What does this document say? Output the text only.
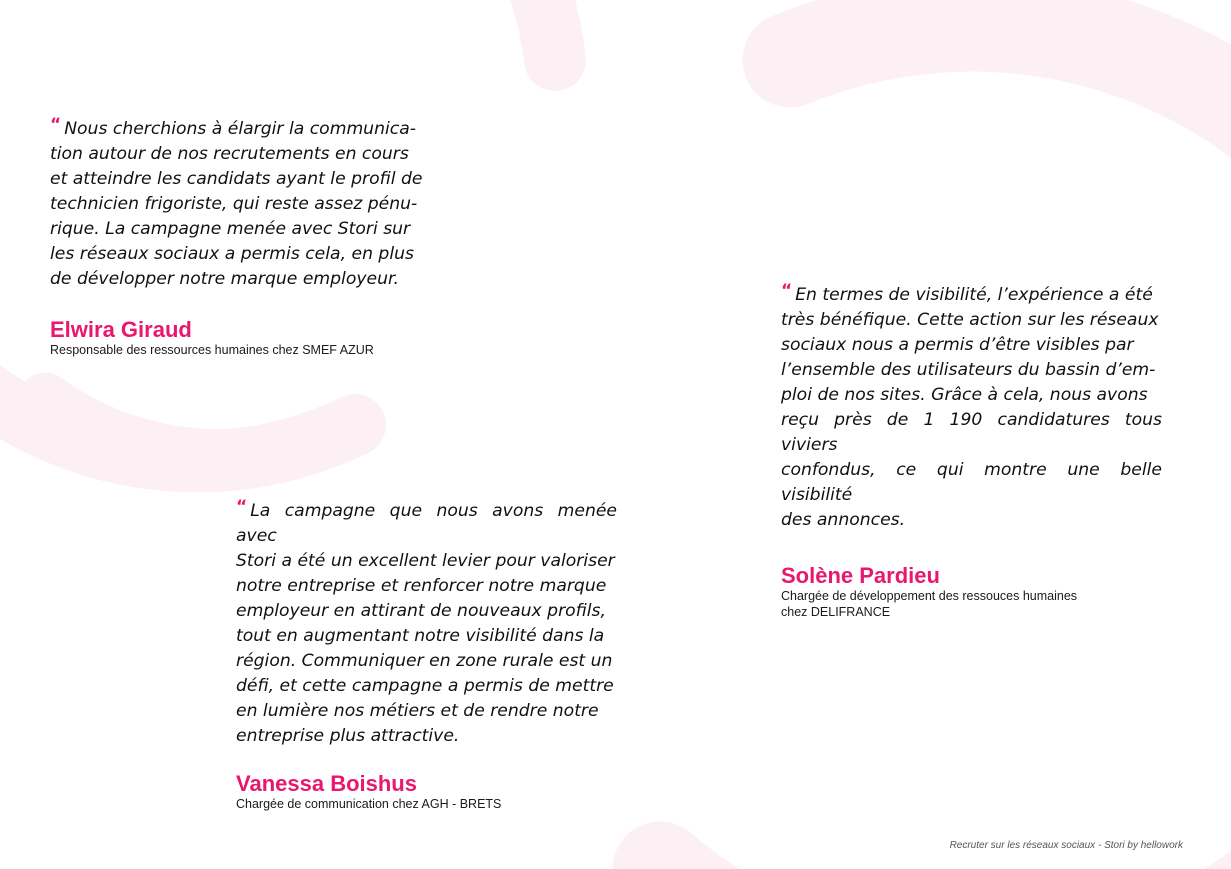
“ Nous cherchions à élargir la communica-
tion autour de nos recrutements en cours
et atteindre les candidats ayant le profil de
technicien frigoriste, qui reste assez pénu-
rique. La campagne menée avec Stori sur
les réseaux sociaux a permis cela, en plus
de développer notre marque employeur.
Elwira Giraud
Responsable des ressources humaines chez SMEF AZUR
“ En termes de visibilité, l’expérience a été
très bénéfique. Cette action sur les réseaux
sociaux nous a permis d’être visibles par
l’ensemble des utilisateurs du bassin d’em-
ploi de nos sites. Grâce à cela, nous avons
reçu près de 1 190 candidatures tous viviers
confondus, ce qui montre une belle visibilité
des annonces.
Solène Pardieu
Chargée de développement des ressouces humaines
chez DELIFRANCE
“ La campagne que nous avons menée avec
Stori a été un excellent levier pour valoriser
notre entreprise et renforcer notre marque
employeur en attirant de nouveaux profils,
tout en augmentant notre visibilité dans la
région. Communiquer en zone rurale est un
défi, et cette campagne a permis de mettre
en lumière nos métiers et de rendre notre
entreprise plus attractive.
Vanessa Boishus
Chargée de communication chez AGH - BRETS
Recruter sur les réseaux sociaux - Stori by hellowork
